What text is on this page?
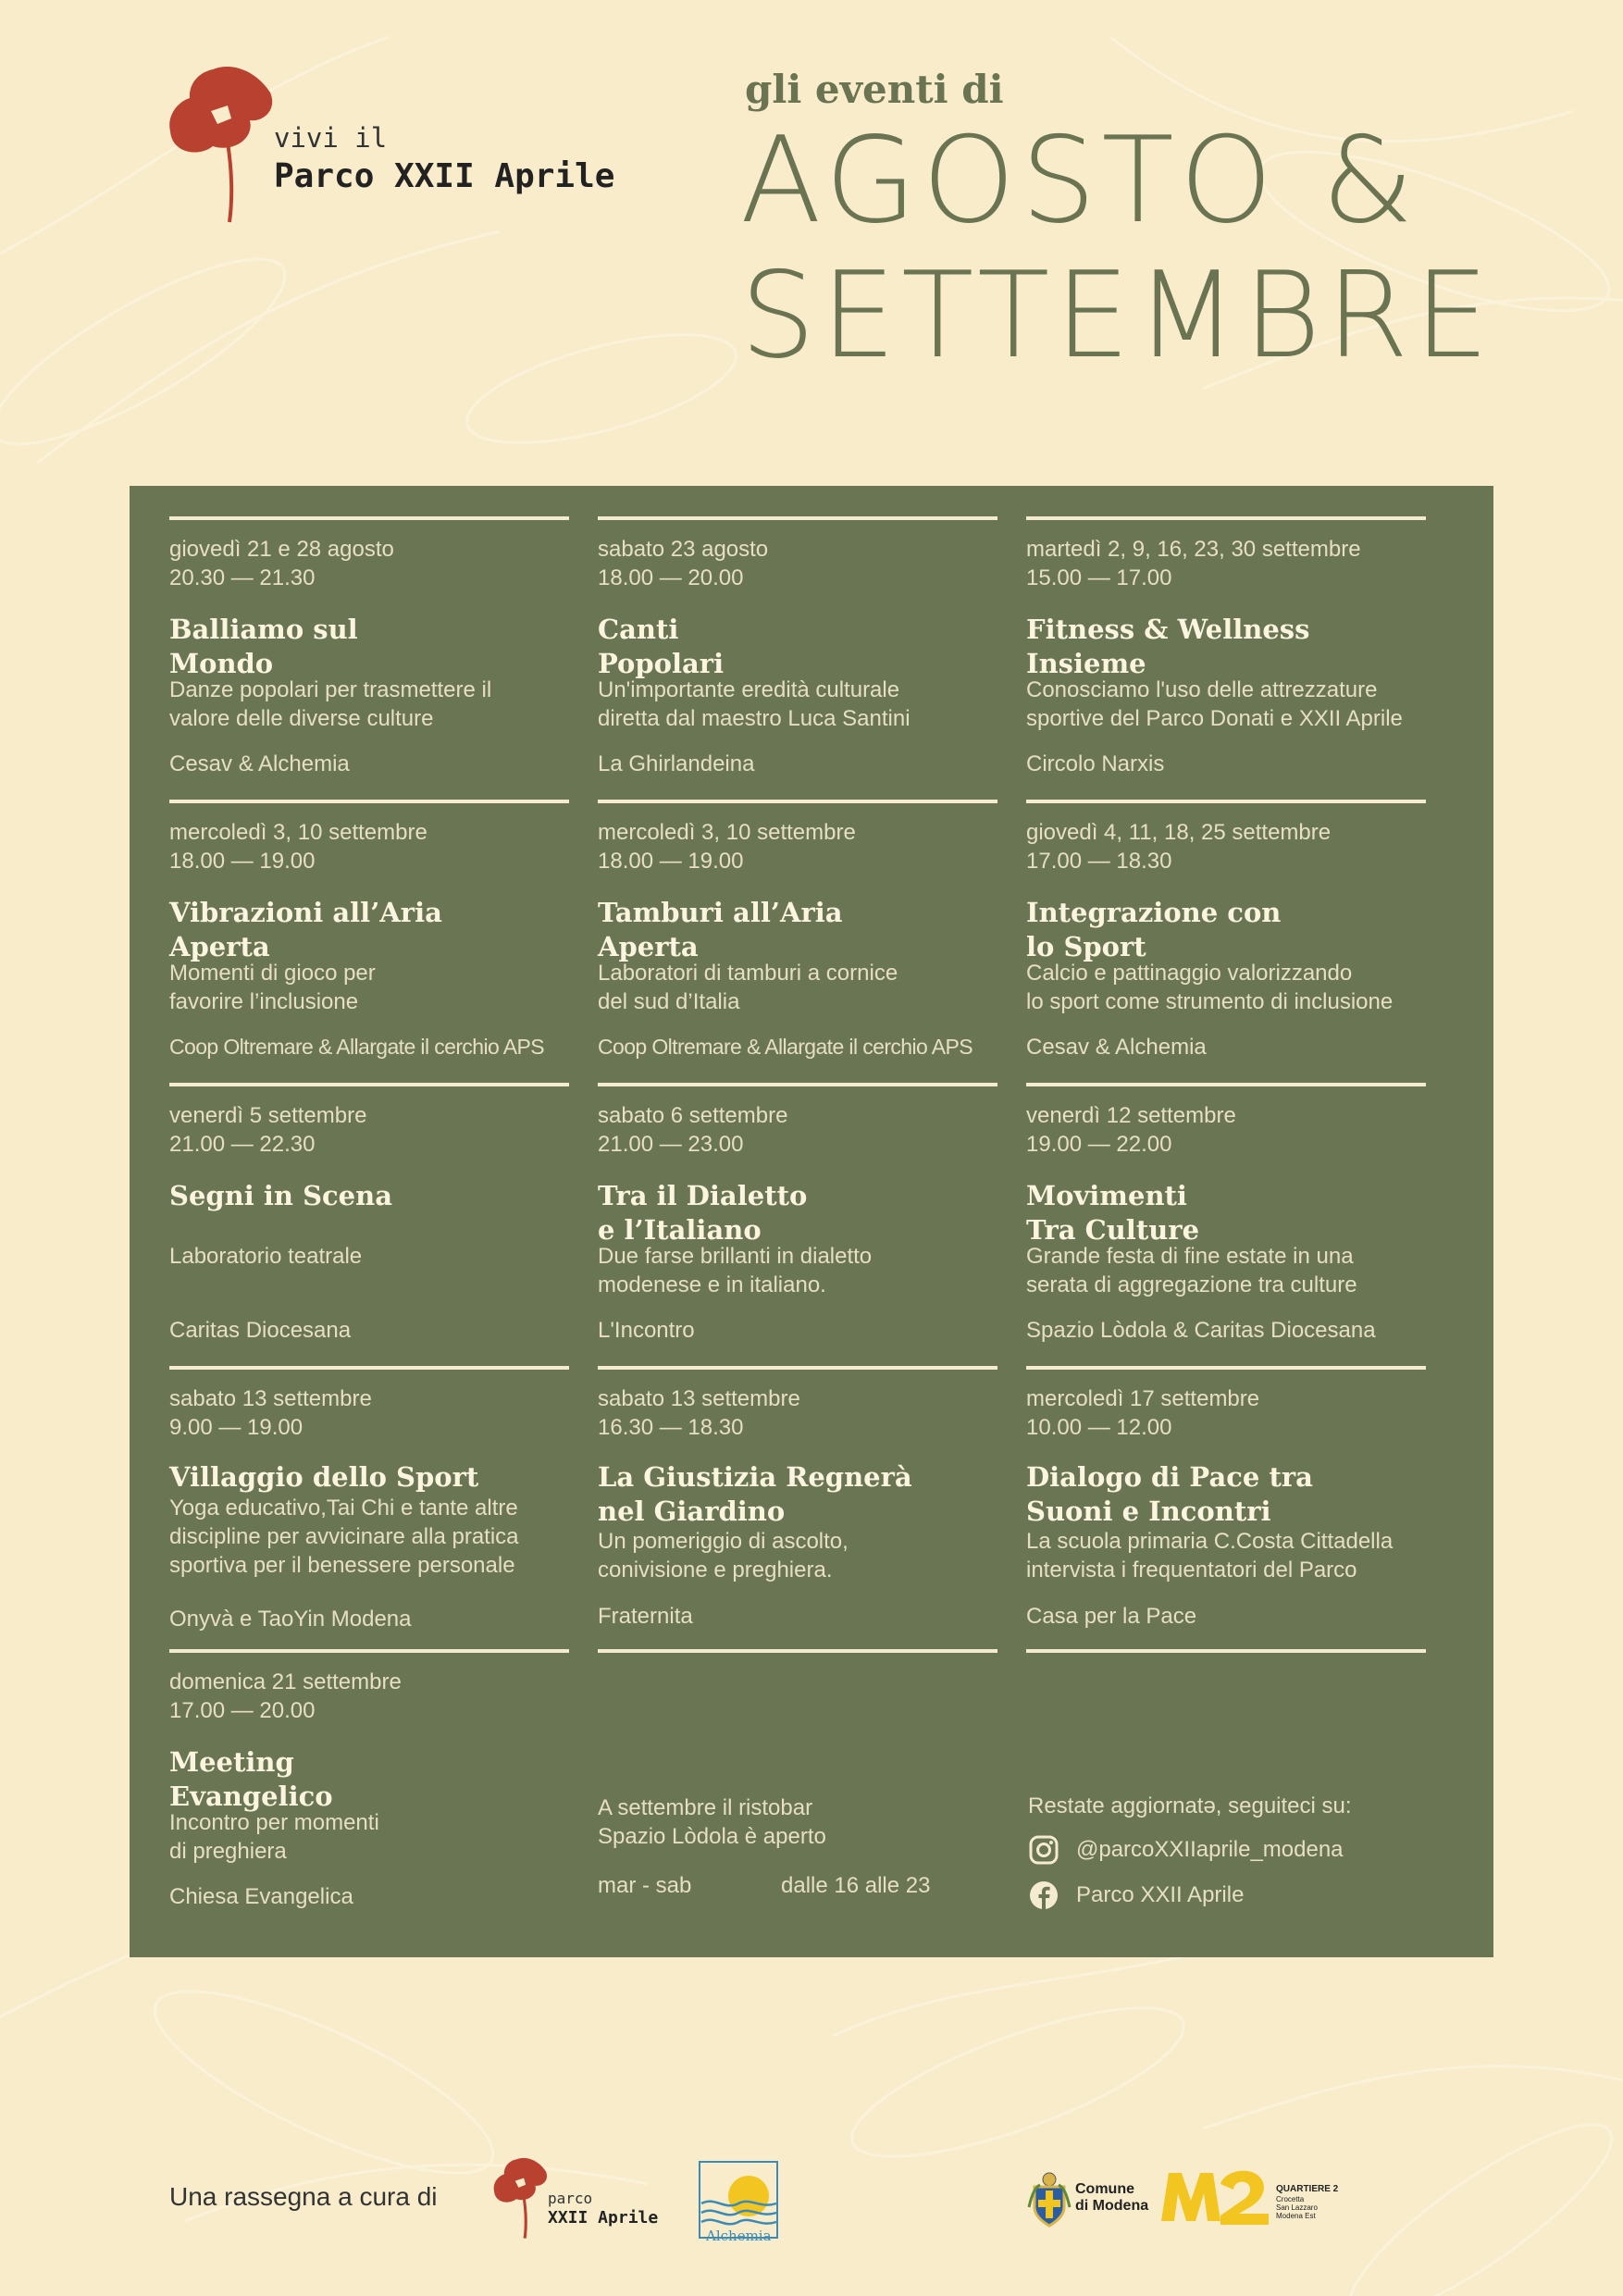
vivi il
Parco XXII Aprile
gli eventi di
AGOSTO &
SETTEMBRE
giovedì 21 e 28 agosto
20.30 — 21.30
Balliamo sul
Mondo
Danze popolari per trasmettere il
valore delle diverse culture
Cesav & Alchemia
sabato 23 agosto
18.00 — 20.00
Canti
Popolari
Un'importante eredità culturale
diretta dal maestro Luca Santini
La Ghirlandeina
martedì 2, 9, 16, 23, 30 settembre
15.00 — 17.00
Fitness & Wellness
Insieme
Conosciamo l'uso delle attrezzature
sportive del Parco Donati e XXII Aprile
Circolo Narxis
mercoledì 3, 10 settembre
18.00 — 19.00
Vibrazioni all’Aria
Aperta
Momenti di gioco per
favorire l’inclusione
Coop Oltremare & Allargate il cerchio APS
mercoledì 3, 10 settembre
18.00 — 19.00
Tamburi all’Aria
Aperta
Laboratori di tamburi a cornice
del sud d’Italia
Coop Oltremare & Allargate il cerchio APS
giovedì 4, 11, 18, 25 settembre
17.00 — 18.30
Integrazione con
lo Sport
Calcio e pattinaggio valorizzando
lo sport come strumento di inclusione
Cesav & Alchemia
venerdì 5 settembre
21.00 — 22.30
Segni in Scena
Laboratorio teatrale
Caritas Diocesana
sabato 6 settembre
21.00 — 23.00
Tra il Dialetto
e l’Italiano
Due farse brillanti in dialetto
modenese e in italiano.
L'Incontro
venerdì 12 settembre
19.00 — 22.00
Movimenti
Tra Culture
Grande festa di fine estate in una
serata di aggregazione tra culture
Spazio Lòdola & Caritas Diocesana
sabato 13 settembre
9.00 — 19.00
Villaggio dello Sport
Yoga educativo,Tai Chi e tante altre
discipline per avvicinare alla pratica
sportiva per il benessere personale
Onyvà e TaoYin Modena
sabato 13 settembre
16.30 — 18.30
La Giustizia Regnerà
nel Giardino
Un pomeriggio di ascolto,
conivisione e preghiera.
Fraternita
mercoledì 17 settembre
10.00 — 12.00
Dialogo di Pace tra
Suoni e Incontri
La scuola primaria C.Costa Cittadella
intervista i frequentatori del Parco
Casa per la Pace
domenica 21 settembre
17.00 — 20.00
Meeting
Evangelico
Incontro per momenti
di preghiera
Chiesa Evangelica
A settembre il ristobar
Spazio Lòdola è aperto
mar - sab	dalle 16 alle 23
Restate aggiornatə, seguiteci su:
@parcoXXIIaprile_modena
Parco XXII Aprile
Una rassegna a cura di	parco
XXII Aprile
Alchemia
Comune
di Modena
QUARTIERE 2
Crocetta
San Lazzaro
Modena Est
